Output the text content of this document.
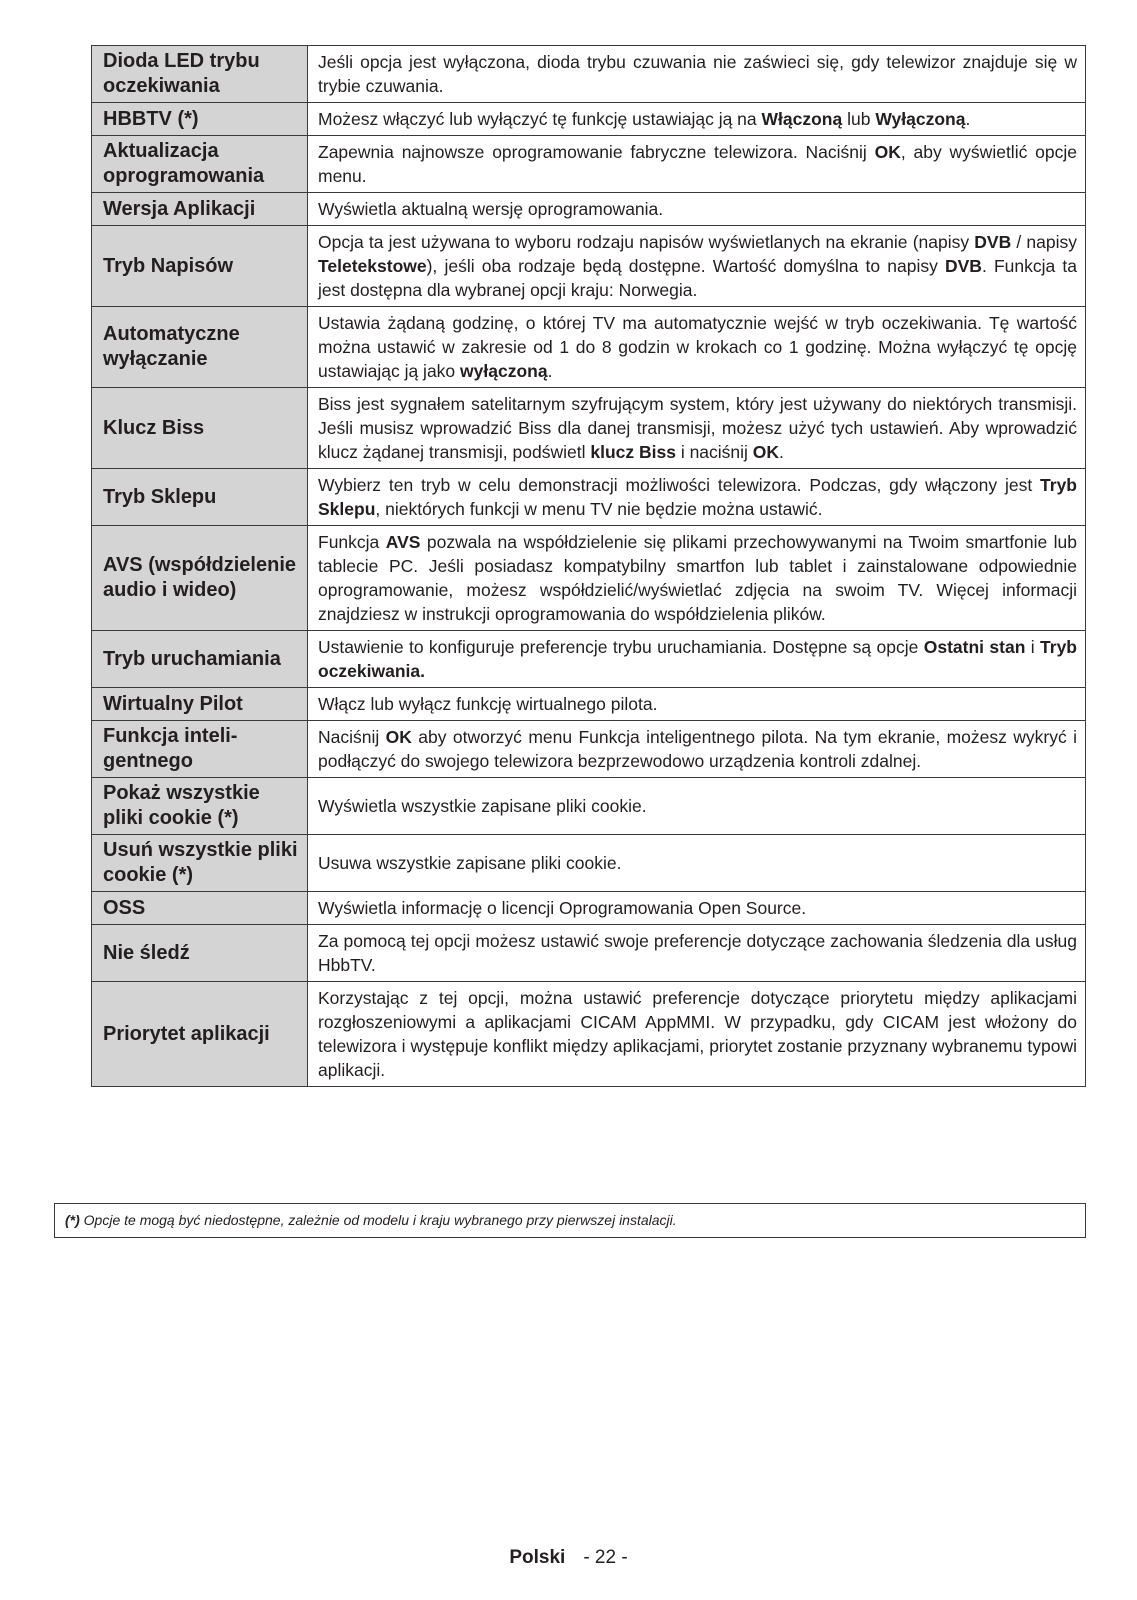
Dioda LED trybu oczekiwania	Jeśli opcja jest wyłączona, dioda trybu czuwania nie zaświeci się, gdy telewizor znajduje się w trybie czuwania.
HBBTV (*)	Możesz włączyć lub wyłączyć tę funkcję ustawiając ją na Włączoną lub Wyłączoną.
Aktualizacja oprogramowania	Zapewnia najnowsze oprogramowanie fabryczne telewizora. Naciśnij OK, aby wyświetlić opcje menu.
Wersja Aplikacji	Wyświetla aktualną wersję oprogramowania.
Tryb Napisów	Opcja ta jest używana to wyboru rodzaju napisów wyświetlanych na ekranie (napisy DVB / napisy Teletekstowe), jeśli oba rodzaje będą dostępne. Wartość domyślna to napisy DVB. Funkcja ta jest dostępna dla wybranej opcji kraju: Norwegia.
Automatyczne wyłączanie	Ustawia żądaną godzinę, o której TV ma automatycznie wejść w tryb oczekiwania. Tę wartość można ustawić w zakresie od 1 do 8 godzin w krokach co 1 godzinę. Można wyłączyć tę opcję ustawiając ją jako wyłączoną.
Klucz Biss	Biss jest sygnałem satelitarnym szyfrującym system, który jest używany do niektórych transmisji. Jeśli musisz wprowadzić Biss dla danej transmisji, możesz użyć tych ustawień. Aby wprowadzić klucz żądanej transmisji, podświetl klucz Biss i naciśnij OK.
Tryb Sklepu	Wybierz ten tryb w celu demonstracji możliwości telewizora. Podczas, gdy włączony jest Tryb Sklepu, niektórych funkcji w menu TV nie będzie można ustawić.
AVS (współdzielenie audio i wideo)	Funkcja AVS pozwala na współdzielenie się plikami przechowywanymi na Twoim smartfonie lub tablecie PC. Jeśli posiadasz kompatybilny smartfon lub tablet i zainstalowane odpowiednie oprogramowanie, możesz współdzielić/wyświetlać zdjęcia na swoim TV. Więcej informacji znajdziesz w instrukcji oprogramowania do współdzielenia plików.
Tryb uruchamiania	Ustawienie to konfiguruje preferencje trybu uruchamiania. Dostępne są opcje Ostatni stan i Tryb oczekiwania.
Wirtualny Pilot	Włącz lub wyłącz funkcję wirtualnego pilota.
Funkcja inteli- gentnego	Naciśnij OK aby otworzyć menu Funkcja inteligentnego pilota. Na tym ekranie, możesz wykryć i podłączyć do swojego telewizora bezprzewodowo urządzenia kontroli zdalnej.
Pokaż wszystkie pliki cookie (*)	Wyświetla wszystkie zapisane pliki cookie.
Usuń wszystkie pliki cookie (*)	Usuwa wszystkie zapisane pliki cookie.
OSS	Wyświetla informację o licencji Oprogramowania Open Source.
Nie śledź	Za pomocą tej opcji możesz ustawić swoje preferencje dotyczące zachowania śledzenia dla usług HbbTV.
Priorytet aplikacji	Korzystając z tej opcji, można ustawić preferencje dotyczące priorytetu między aplikacjami rozgłoszeniowymi a aplikacjami CICAM AppMMI. W przypadku, gdy CICAM jest włożony do telewizora i występuje konflikt między aplikacjami, priorytet zostanie przyznany wybranemu typowi aplikacji.
(*) Opcje te mogą być niedostępne, zależnie od modelu i kraju wybranego przy pierwszej instalacji.
Polski - 22 -
